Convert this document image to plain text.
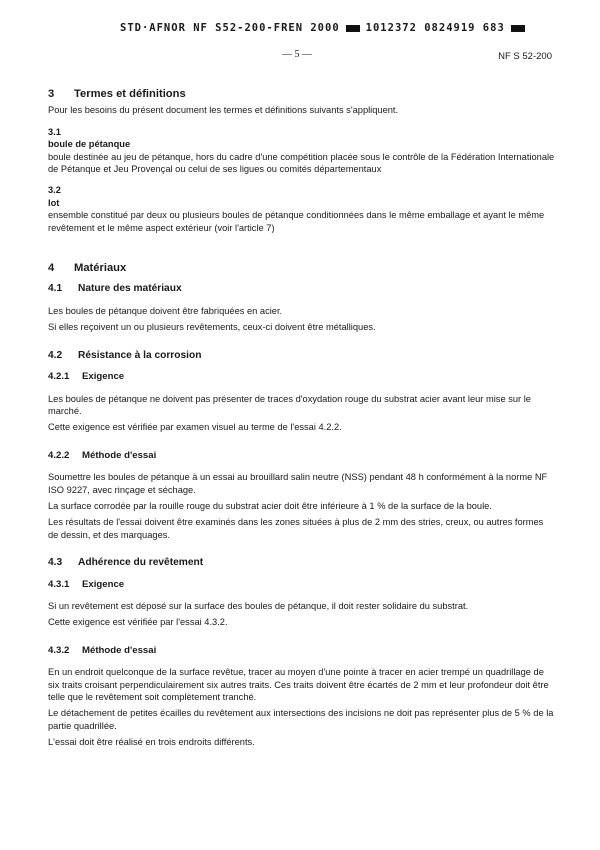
STD·AFNOR NF S52-200-FREN 2000 1012372 0824919 683
— 5 —	NF S 52-200
3	Termes et définitions

Pour les besoins du présent document les termes et définitions suivants s'appliquent.

3.1

boule de pétanque

boule destinée au jeu de pétanque, hors du cadre d'une compétition placée sous le contrôle de la Fédération Internationale de Pétanque et Jeu Provençal ou celui de ses ligues ou comités départementaux

3.2

lot

ensemble constitué par deux ou plusieurs boules de pétanque conditionnées dans le même emballage et ayant le même revêtement et le même aspect extérieur (voir l'article 7)

4	Matériaux
4.1	Nature des matériaux

Les boules de pétanque doivent être fabriquées en acier.

Si elles reçoivent un ou plusieurs revêtements, ceux-ci doivent être métalliques.

4.2	Résistance à la corrosion
4.2.1	Exigence

Les boules de pétanque ne doivent pas présenter de traces d'oxydation rouge du substrat acier avant leur mise sur le marché.

Cette exigence est vérifiée par examen visuel au terme de l'essai 4.2.2.

4.2.2	Méthode d'essai

Soumettre les boules de pétanque à un essai au brouillard salin neutre (NSS) pendant 48 h conformément à la norme NF ISO 9227, avec rinçage et séchage.

La surface corrodée par la rouille rouge du substrat acier doit être inférieure à 1 % de la surface de la boule.

Les résultats de l'essai doivent être examinés dans les zones situées à plus de 2 mm des stries, creux, ou autres formes de dessin, et des marquages.

4.3	Adhérence du revêtement
4.3.1	Exigence

Si un revêtement est déposé sur la surface des boules de pétanque, il doit rester solidaire du substrat.

Cette exigence est vérifiée par l'essai 4.3.2.

4.3.2	Méthode d'essai

En un endroit quelconque de la surface revêtue, tracer au moyen d'une pointe à tracer en acier trempé un quadrillage de six traits croisant perpendiculairement six autres traits. Ces traits doivent être écartés de 2 mm et leur profondeur doit être telle que le revêtement soit complètement tranché.

Le détachement de petites écailles du revêtement aux intersections des incisions ne doit pas représenter plus de 5 % de la partie quadrillée.

L'essai doit être réalisé en trois endroits différents.
